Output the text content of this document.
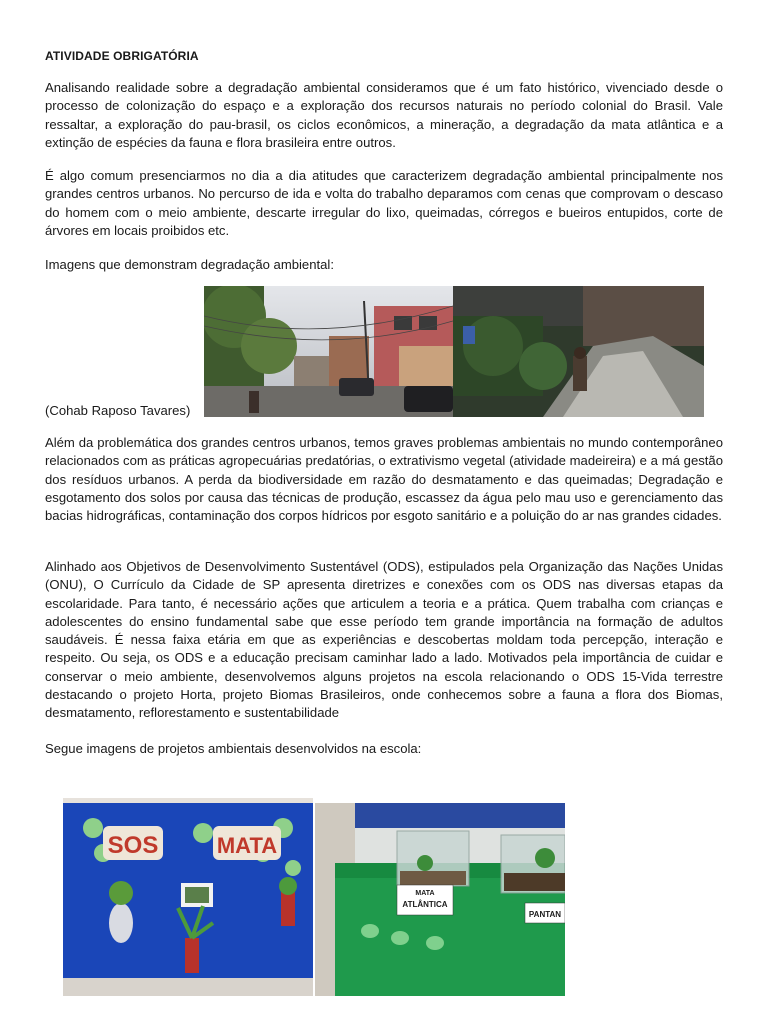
ATIVIDADE OBRIGATÓRIA

Analisando realidade sobre a degradação ambiental consideramos que é um fato histórico, vivenciado desde o processo de colonização do espaço e a exploração dos recursos naturais no período colonial do Brasil. Vale ressaltar, a exploração do pau-brasil, os ciclos econômicos, a mineração, a degradação da mata atlântica e a extinção de espécies da fauna e flora brasileira entre outros.

É algo comum presenciarmos no dia a dia atitudes que caracterizem degradação ambiental principalmente nos grandes centros urbanos. No percurso de ida e volta do trabalho deparamos com cenas que comprovam o descaso do homem com o meio ambiente, descarte irregular do lixo, queimadas, córregos e bueiros entupidos, corte de árvores em locais proibidos etc.

Imagens que demonstram degradação ambiental:

(Cohab Raposo Tavares)

Além da problemática dos grandes centros urbanos, temos graves problemas ambientais no mundo contemporâneo relacionados com as práticas agropecuárias predatórias, o extrativismo vegetal (atividade madeireira) e a má gestão dos resíduos urbanos. A perda da biodiversidade em razão do desmatamento e das queimadas; Degradação e esgotamento dos solos por causa das técnicas de produção, escassez da água pelo mau uso e gerenciamento das bacias hidrográficas, contaminação dos corpos hídricos por esgoto sanitário e a poluição do ar nas grandes cidades.

Alinhado aos Objetivos de Desenvolvimento Sustentável (ODS), estipulados pela Organização das Nações Unidas (ONU), O Currículo da Cidade de SP apresenta diretrizes e conexões com os ODS nas diversas etapas da escolaridade. Para tanto, é necessário ações que articulem a teoria e a prática. Quem trabalha com crianças e adolescentes do ensino fundamental sabe que esse período tem grande importância na formação de adultos saudáveis. É nessa faixa etária em que as experiências e descobertas moldam toda percepção, interação e respeito. Ou seja, os ODS e a educação precisam caminhar lado a lado. Motivados pela importância de cuidar e conservar o meio ambiente, desenvolvemos alguns projetos na escola relacionando o ODS 15-Vida terrestre destacando o projeto Horta, projeto Biomas Brasileiros, onde conhecemos sobre a fauna a flora dos Biomas, desmatamento, reflorestamento e sustentabilidade

Segue imagens de projetos ambientais desenvolvidos na escola:

SOS	MATA
MATA
ATLÂNTICA
PANTAN
